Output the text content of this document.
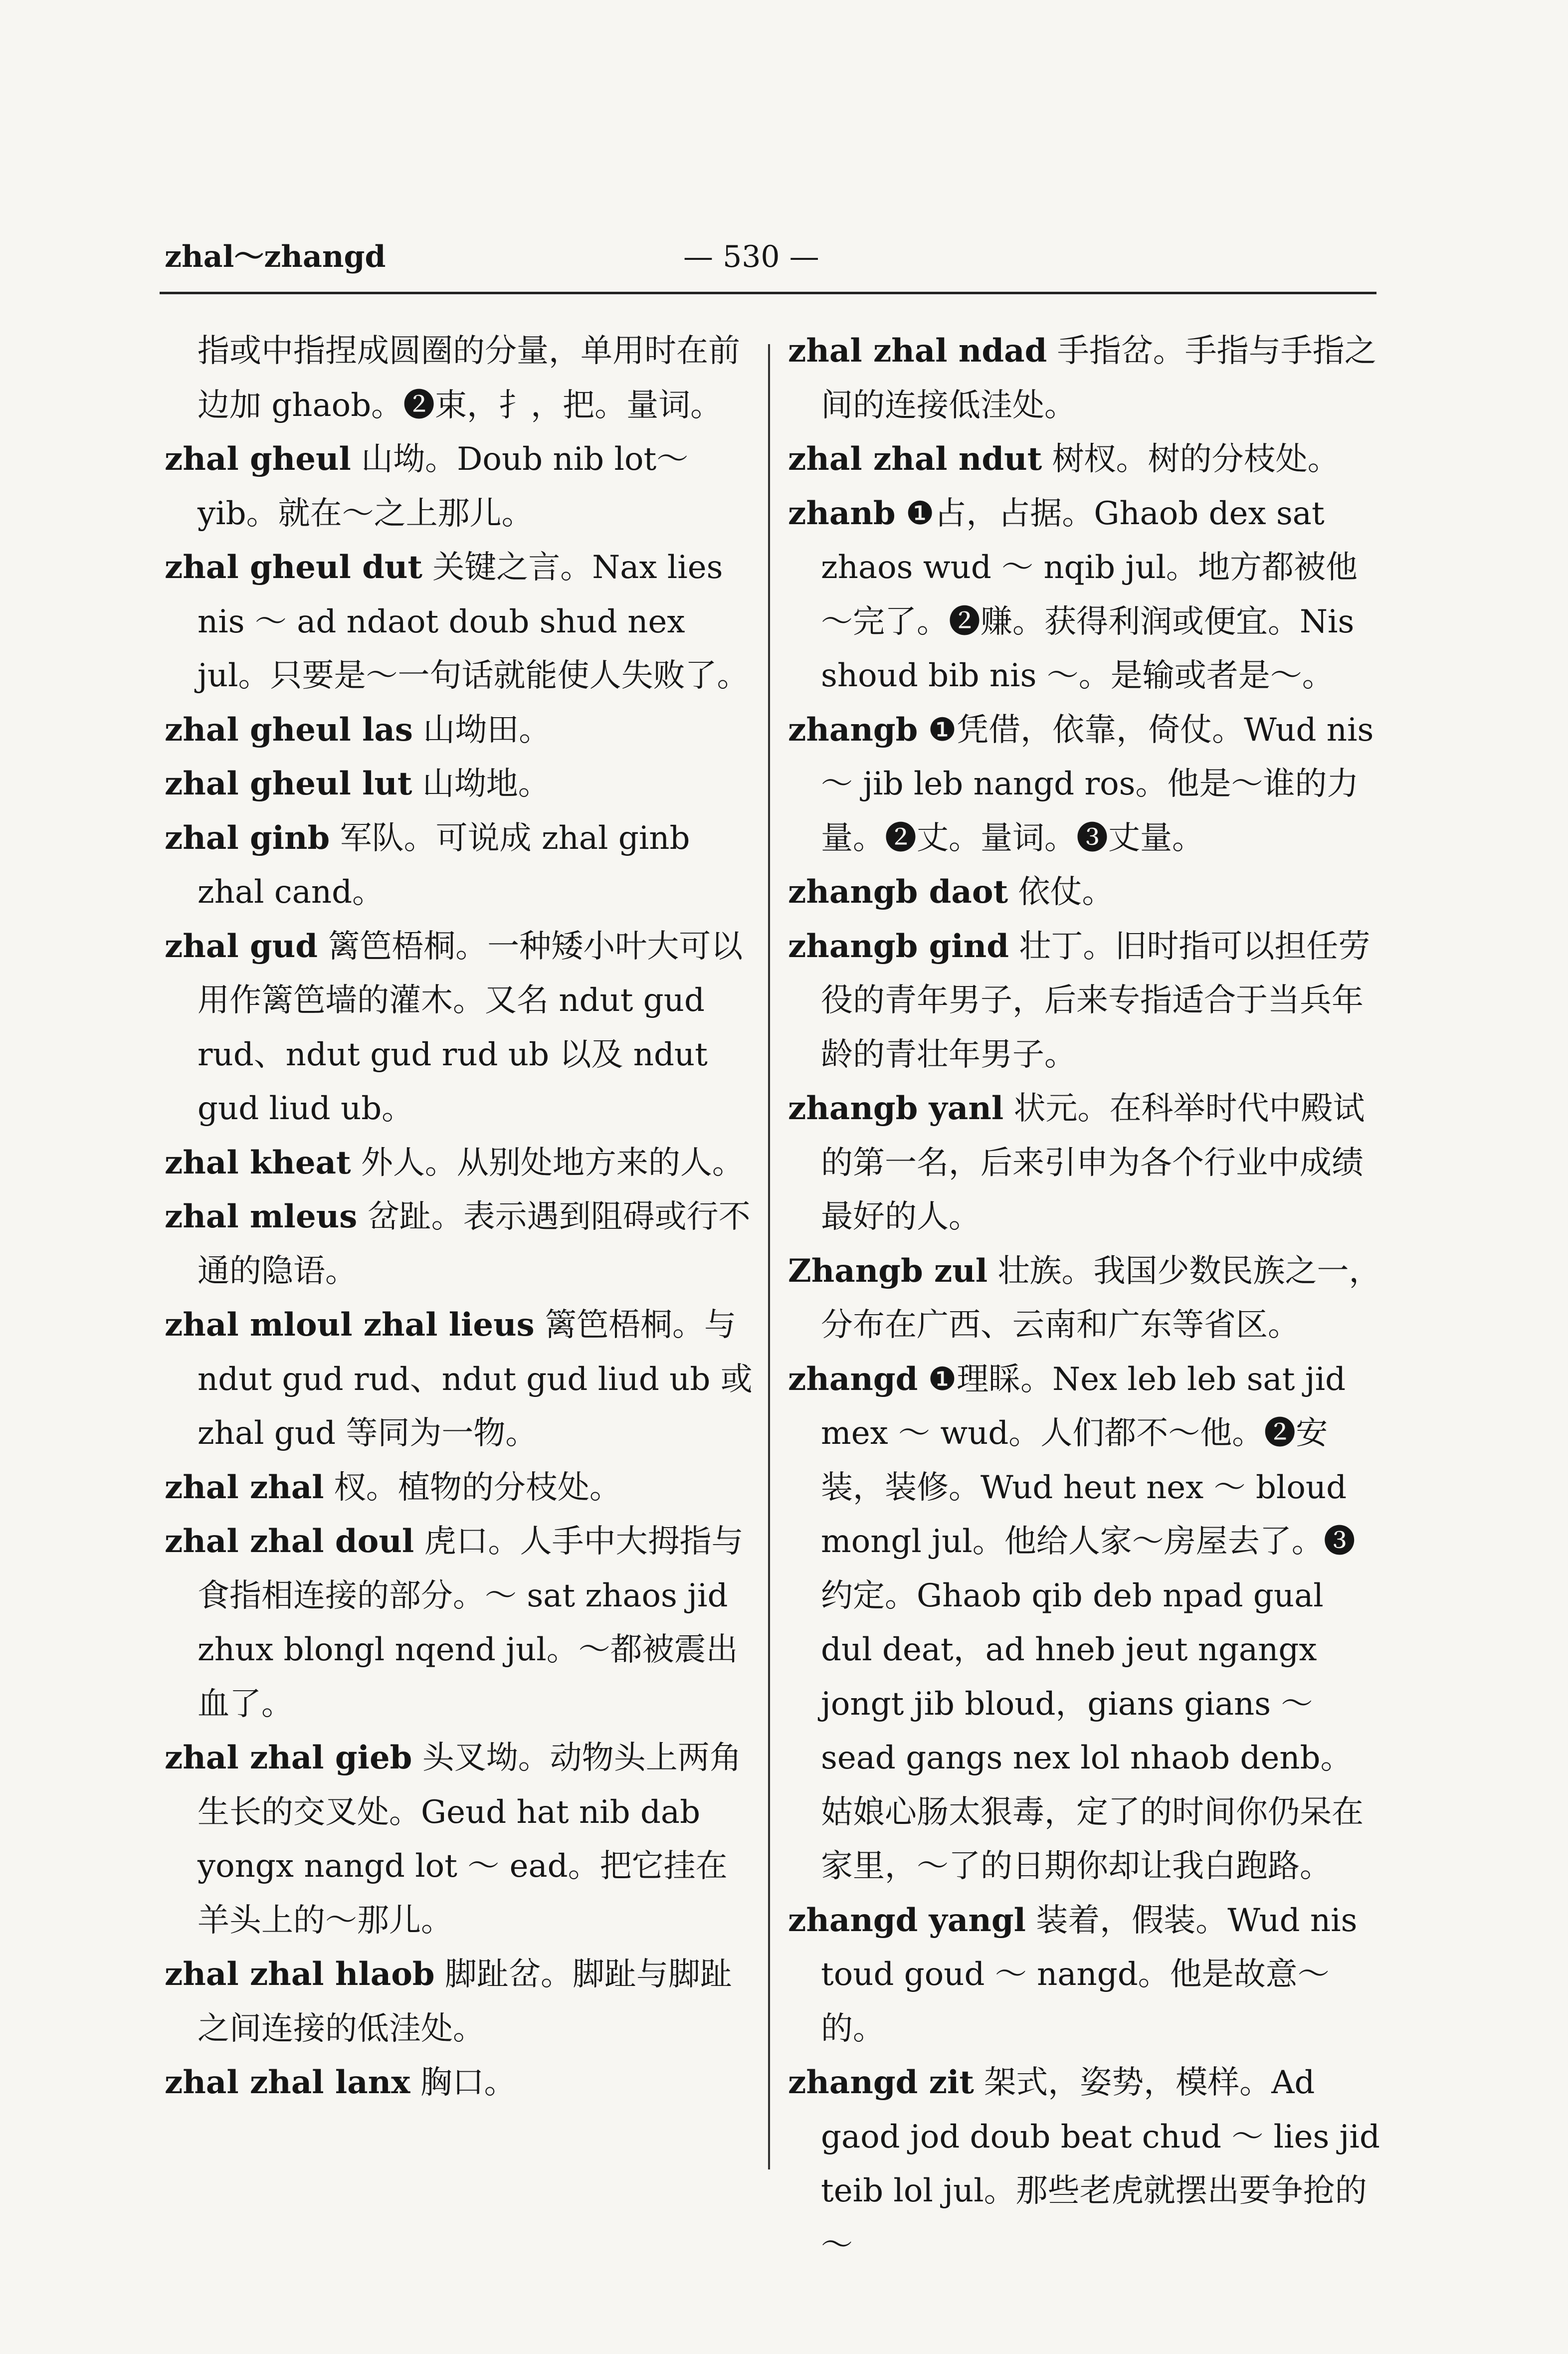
zhal～zhangd	— 530 —

指或中指捏成圆圈的分量，单用时在前边加 ghaob。❷束，扌，把。量词。

zhal gheul 山坳。Doub nib lot～yib。就在～之上那儿。

zhal gheul dut 关键之言。Nax lies nis ～ ad ndaot doub shud nex jul。只要是～一句话就能使人失败了。

zhal gheul las 山坳田。

zhal gheul lut 山坳地。

zhal ginb 军队。可说成 zhal ginb zhal cand。

zhal gud 篱笆梧桐。一种矮小叶大可以用作篱笆墙的灌木。又名 ndut gud rud、ndut gud rud ub 以及 ndut gud liud ub。

zhal kheat 外人。从别处地方来的人。

zhal mleus 岔趾。表示遇到阻碍或行不通的隐语。

zhal mloul zhal lieus 篱笆梧桐。与 ndut gud rud、ndut gud liud ub 或 zhal gud 等同为一物。

zhal zhal 杈。植物的分枝处。

zhal zhal doul 虎口。人手中大拇指与食指相连接的部分。～ sat zhaos jid zhux blongl nqend jul。～都被震出血了。

zhal zhal gieb 头叉坳。动物头上两角生长的交叉处。Geud hat nib dab yongx nangd lot ～ ead。把它挂在羊头上的～那儿。

zhal zhal hlaob 脚趾岔。脚趾与脚趾之间连接的低洼处。

zhal zhal lanx 胸口。

zhal zhal ndad 手指岔。手指与手指之间的连接低洼处。

zhal zhal ndut 树杈。树的分枝处。

zhanb ❶占，占据。Ghaob dex sat zhaos wud ～ nqib jul。地方都被他～完了。❷赚。获得利润或便宜。Nis shoud bib nis ～。是输或者是～。

zhangb ❶凭借，依靠，倚仗。Wud nis ～ jib leb nangd ros。他是～谁的力量。❷丈。量词。❸丈量。

zhangb daot 依仗。

zhangb gind 壮丁。旧时指可以担任劳役的青年男子，后来专指适合于当兵年龄的青壮年男子。

zhangb yanl 状元。在科举时代中殿试的第一名，后来引申为各个行业中成绩最好的人。

Zhangb zul 壮族。我国少数民族之一，分布在广西、云南和广东等省区。

zhangd ❶理睬。Nex leb leb sat jid mex ～ wud。人们都不～他。❷安装，装修。Wud heut nex ～ bloud mongl jul。他给人家～房屋去了。❸约定。Ghaob qib deb npad gual dul deat，ad hneb jeut ngangx jongt jib bloud，gians gians ～ sead gangs nex lol nhaob denb。姑娘心肠太狠毒，定了的时间你仍呆在家里，～了的日期你却让我白跑路。

zhangd yangl 装着，假装。Wud nis toud goud ～ nangd。他是故意～的。

zhangd zit 架式，姿势，模样。Ad gaod jod doub beat chud ～ lies jid teib lol jul。那些老虎就摆出要争抢的～
